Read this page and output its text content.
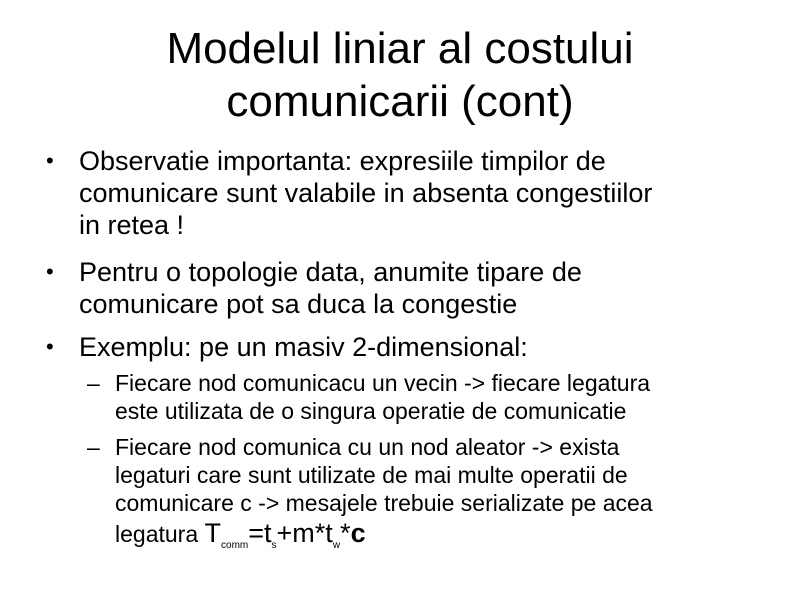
Modelul liniar al costului
comunicarii (cont)
• Observatie importanta: expresiile timpilor de
comunicare sunt valabile in absenta congestiilor
in retea !
• Pentru o topologie data, anumite tipare de
comunicare pot sa duca la congestie
• Exemplu: pe un masiv 2-dimensional:
– Fiecare nod comunicacu un vecin -> fiecare legatura
este utilizata de o singura operatie de comunicatie
– Fiecare nod comunica cu un nod aleator -> exista
legaturi care sunt utilizate de mai multe operatii de
comunicare c -> mesajele trebuie serializate pe acea
legatura $T_{comm}=t_s+m*t_w*c$
